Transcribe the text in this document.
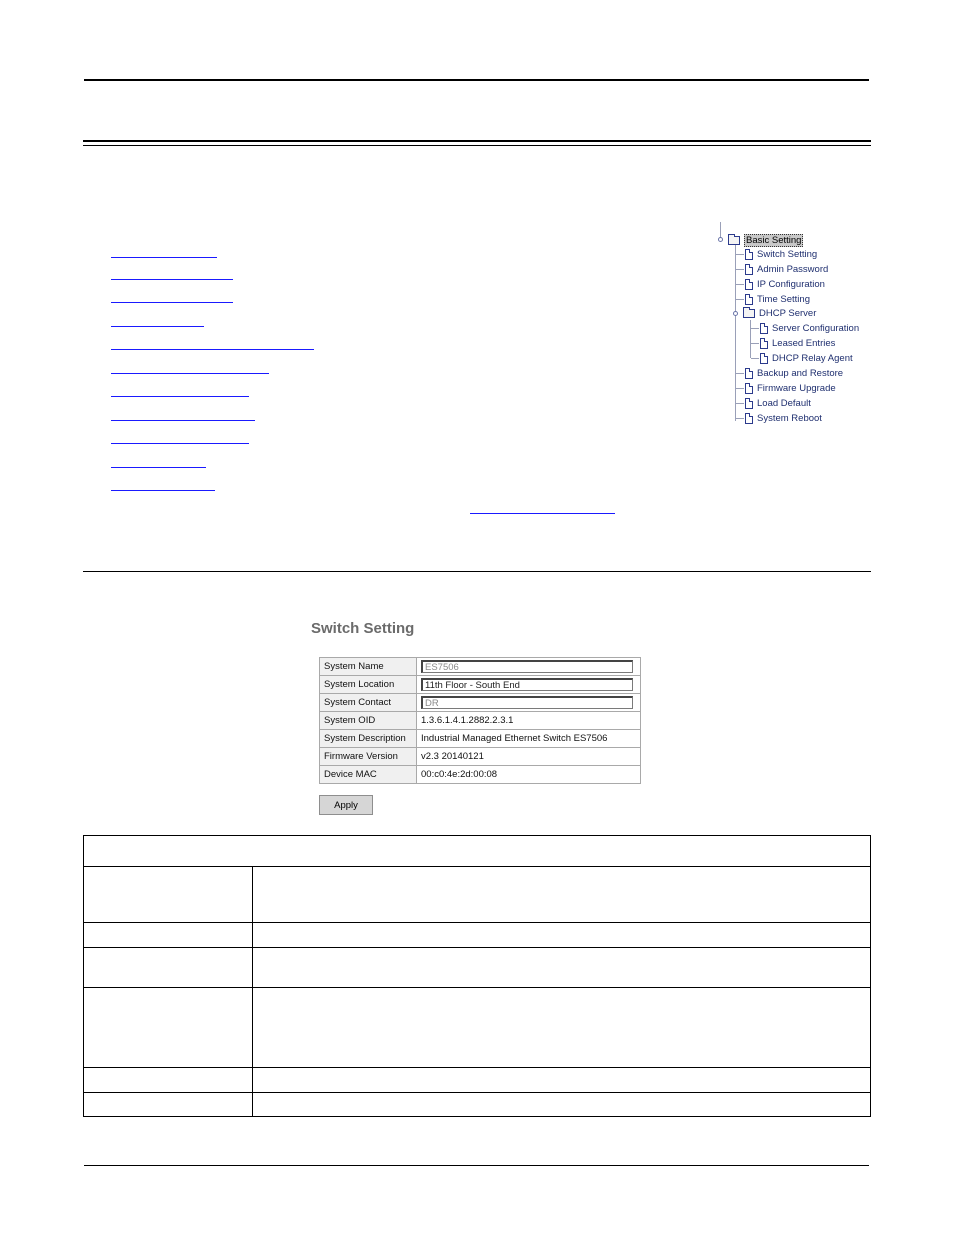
Basic Setting
Switch Setting
Admin Password
IP Configuration
Time Setting
DHCP Server
Server Configuration
Leased Entries
DHCP Relay Agent
Backup and Restore
Firmware Upgrade
Load Default
System Reboot
Switch Setting
System Name	ES7506
System Location	11th Floor - South End
System Contact	DR
System OID	1.3.6.1.4.1.2882.2.3.1
System Description	Industrial Managed Ethernet Switch ES7506
Firmware Version	v2.3 20140121
Device MAC	00:c0:4e:2d:00:08
Apply
